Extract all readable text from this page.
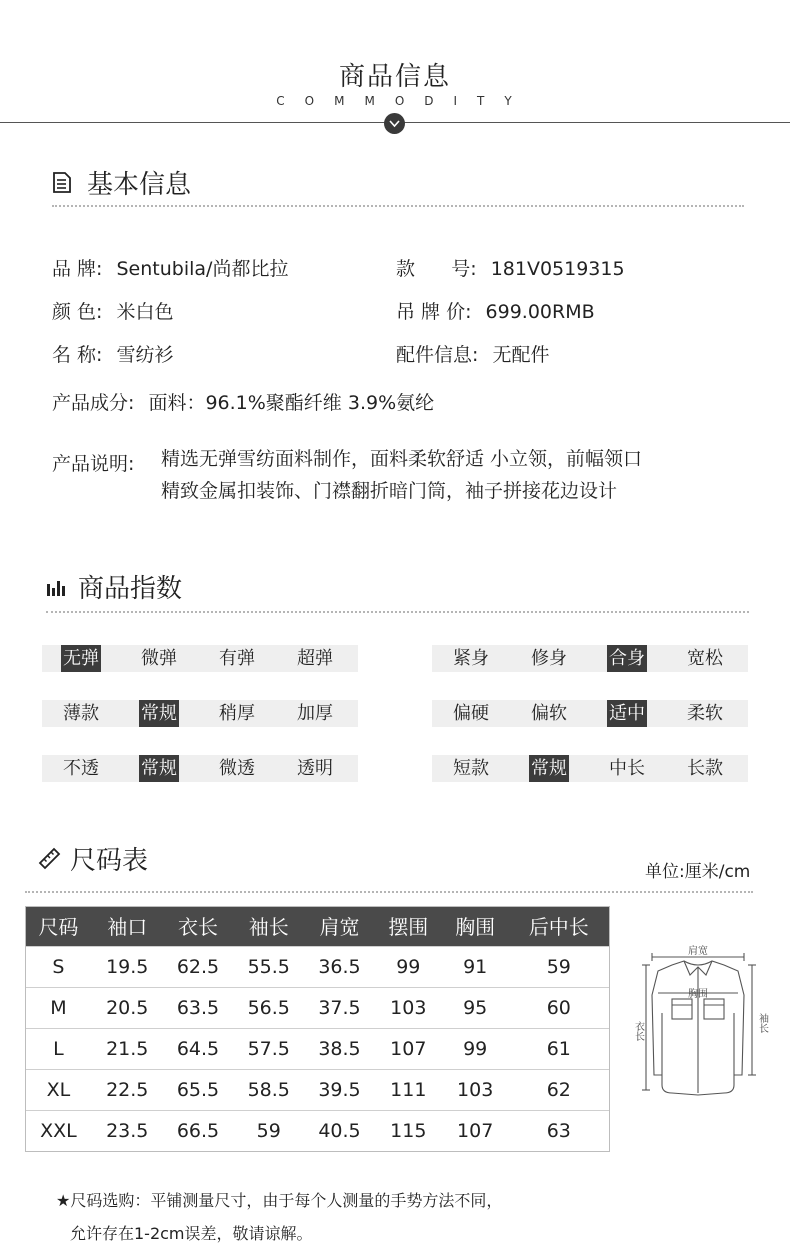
商品信息
COMMODITY
基本信息
品 牌: Sentubila/尚都比拉	款      号: 181V0519315
颜 色: 米白色	吊 牌 价: 699.00RMB
名 称: 雪纺衫	配件信息: 无配件
产品成分: 面料：96.1%聚酯纤维 3.9%氨纶
产品说明: 精选无弹雪纺面料制作，面料柔软舒适 小立领，前幅领口
精致金属扣装饰、门襟翻折暗门筒，袖子拼接花边设计
商品指数
无弹	微弹	有弹	超弹	紧身	修身	合身	宽松
薄款	常规	稍厚	加厚	偏硬	偏软	适中	柔软
不透	常规	微透	透明	短款	常规	中长	长款
尺码表	单位:厘米/cm
尺码	袖口	衣长	袖长	肩宽	摆围	胸围	后中长
S	19.5	62.5	55.5	36.5	99	91	59
M	20.5	63.5	56.5	37.5	103	95	60
L	21.5	64.5	57.5	38.5	107	99	61
XL	22.5	65.5	58.5	39.5	111	103	62
XXL	23.5	66.5	59	40.5	115	107	63
肩宽
胸围
衣长	袖长
★尺码选购：平铺测量尺寸，由于每个人测量的手势方法不同，
允许存在1-2cm误差，敬请谅解。
